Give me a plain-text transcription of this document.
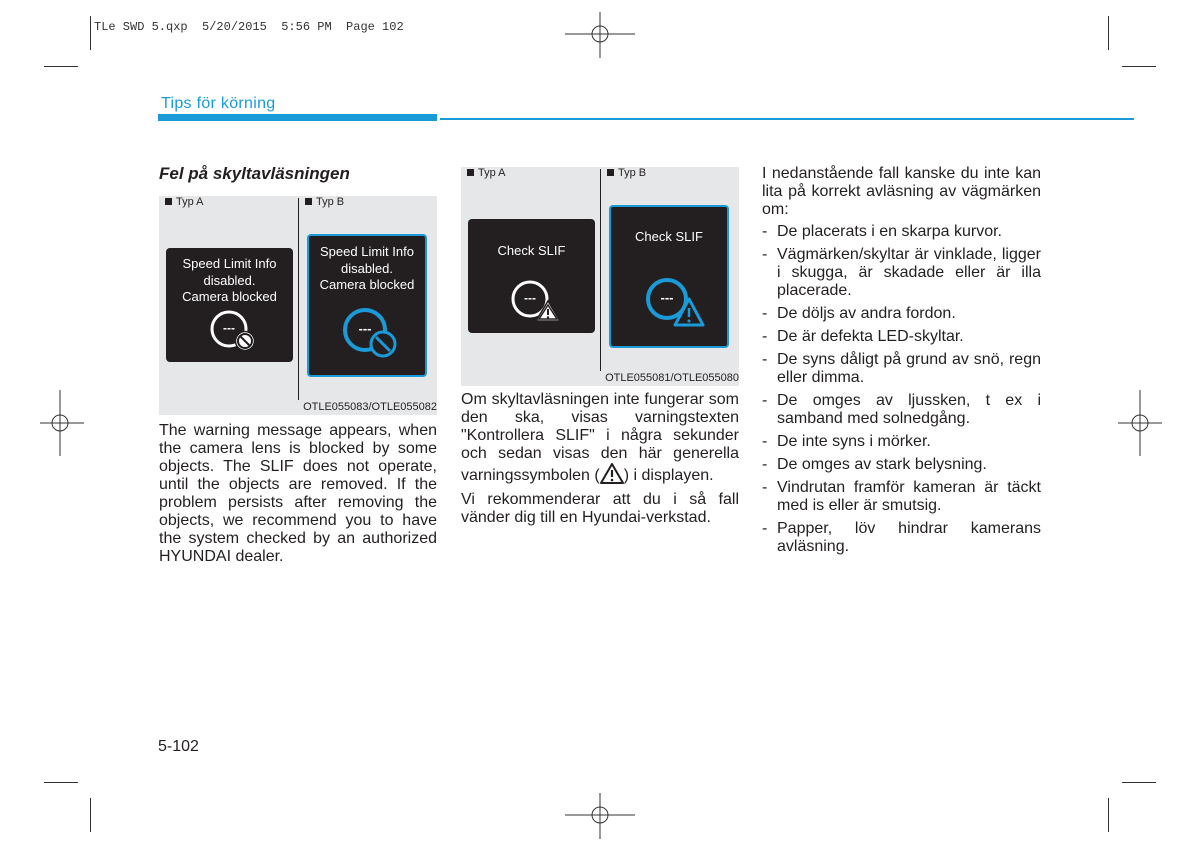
TLe SWD 5.qxp  5/20/2015  5:56 PM  Page 102
Tips för körning
Fel på skyltavläsningen
Typ A	Typ B
Speed Limit Info
disabled.
Camera blocked
---
Speed Limit Info
disabled.
Camera blocked
---
OTLE055083/OTLE055082
The warning message appears, when the camera lens is blocked by some objects. The SLIF does not operate, until the objects are removed. If the problem persists after removing the objects, we recommend you to have the system checked by an authorized HYUNDAI dealer.
Typ A	Typ B
Check SLIF
---
Check SLIF
---
OTLE055081/OTLE055080

Om skyltavläsningen inte fungerar som den ska, visas varningstexten "Kontrollera SLIF" i några sekunder och sedan visas den här generella varningssymbolen ( ) i displayen.

Vi rekommenderar att du i så fall vänder dig till en Hyundai-verkstad.

I nedanstående fall kanske du inte kan lita på korrekt avläsning av vägmärken om:

- De placerats i en skarpa kurvor.
- Vägmärken/skyltar är vinklade, ligger i skugga, är skadade eller är illa placerade.
- De döljs av andra fordon.
- De är defekta LED-skyltar.
- De syns dåligt på grund av snö, regn eller dimma.
- De omges av ljussken, t ex i samband med solnedgång.
- De inte syns i mörker.
- De omges av stark belysning.
- Vindrutan framför kameran är täckt med is eller är smutsig.
- Papper, löv hindrar kamerans avläsning.
5-102
